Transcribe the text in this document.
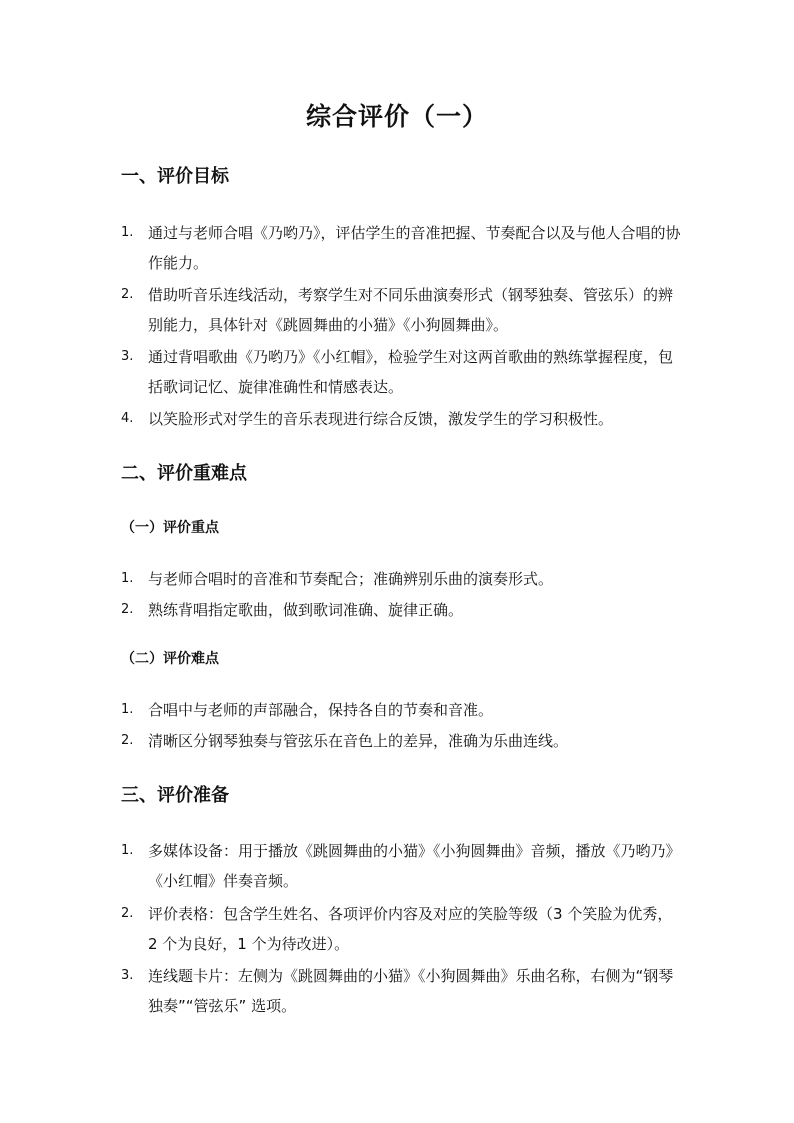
综合评价（一）
一、评价目标
1. 通过与老师合唱《乃哟乃》，评估学生的音准把握、节奏配合以及与他人合唱的协作能力。
2. 借助听音乐连线活动，考察学生对不同乐曲演奏形式（钢琴独奏、管弦乐）的辨别能力，具体针对《跳圆舞曲的小猫》《小狗圆舞曲》。
3. 通过背唱歌曲《乃哟乃》《小红帽》，检验学生对这两首歌曲的熟练掌握程度，包括歌词记忆、旋律准确性和情感表达。
4. 以笑脸形式对学生的音乐表现进行综合反馈，激发学生的学习积极性。
二、评价重难点
（一）评价重点
1. 与老师合唱时的音准和节奏配合；准确辨别乐曲的演奏形式。
2. 熟练背唱指定歌曲，做到歌词准确、旋律正确。
（二）评价难点
1. 合唱中与老师的声部融合，保持各自的节奏和音准。
2. 清晰区分钢琴独奏与管弦乐在音色上的差异，准确为乐曲连线。
三、评价准备
1. 多媒体设备：用于播放《跳圆舞曲的小猫》《小狗圆舞曲》音频，播放《乃哟乃》《小红帽》伴奏音频。
2. 评价表格：包含学生姓名、各项评价内容及对应的笑脸等级（3 个笑脸为优秀，2 个为良好，1 个为待改进）。
3. 连线题卡片：左侧为《跳圆舞曲的小猫》《小狗圆舞曲》乐曲名称，右侧为“钢琴独奏”“管弦乐” 选项。
